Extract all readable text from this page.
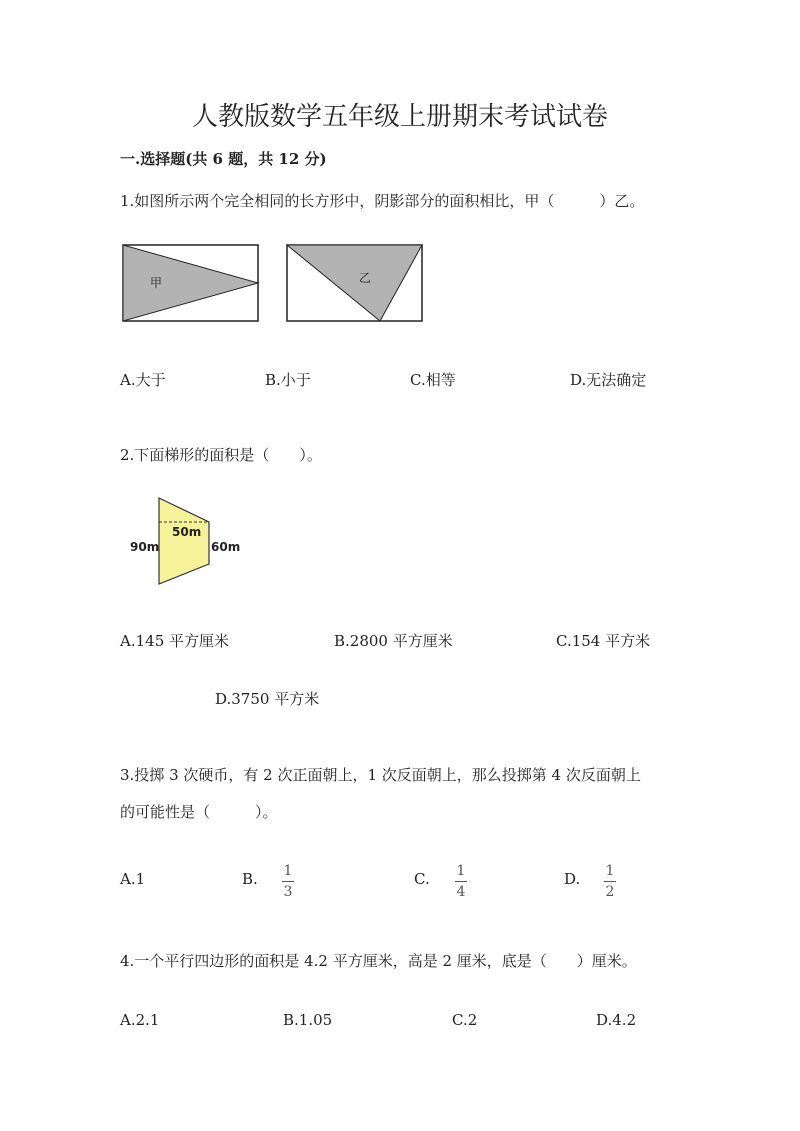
人教版数学五年级上册期末考试试卷
一.选择题(共 6 题，共 12 分)
1.如图所示两个完全相同的长方形中，阴影部分的面积相比，甲（　　　）乙。
甲	乙
A.大于	B.小于	C.相等	D.无法确定
2.下面梯形的面积是（　　）。
90m
50m
60m
A.145 平方厘米	B.2800 平方厘米	C.154 平方米
D.3750 平方米
3.投掷 3 次硬币，有 2 次正面朝上，1 次反面朝上，那么投掷第 4 次反面朝上
的可能性是（　　　）。
A.1	B. 1
3
C. 1
4
D. 1
2
4.一个平行四边形的面积是 4.2 平方厘米，高是 2 厘米，底是（　　）厘米。
A.2.1	B.1.05	C.2	D.4.2
